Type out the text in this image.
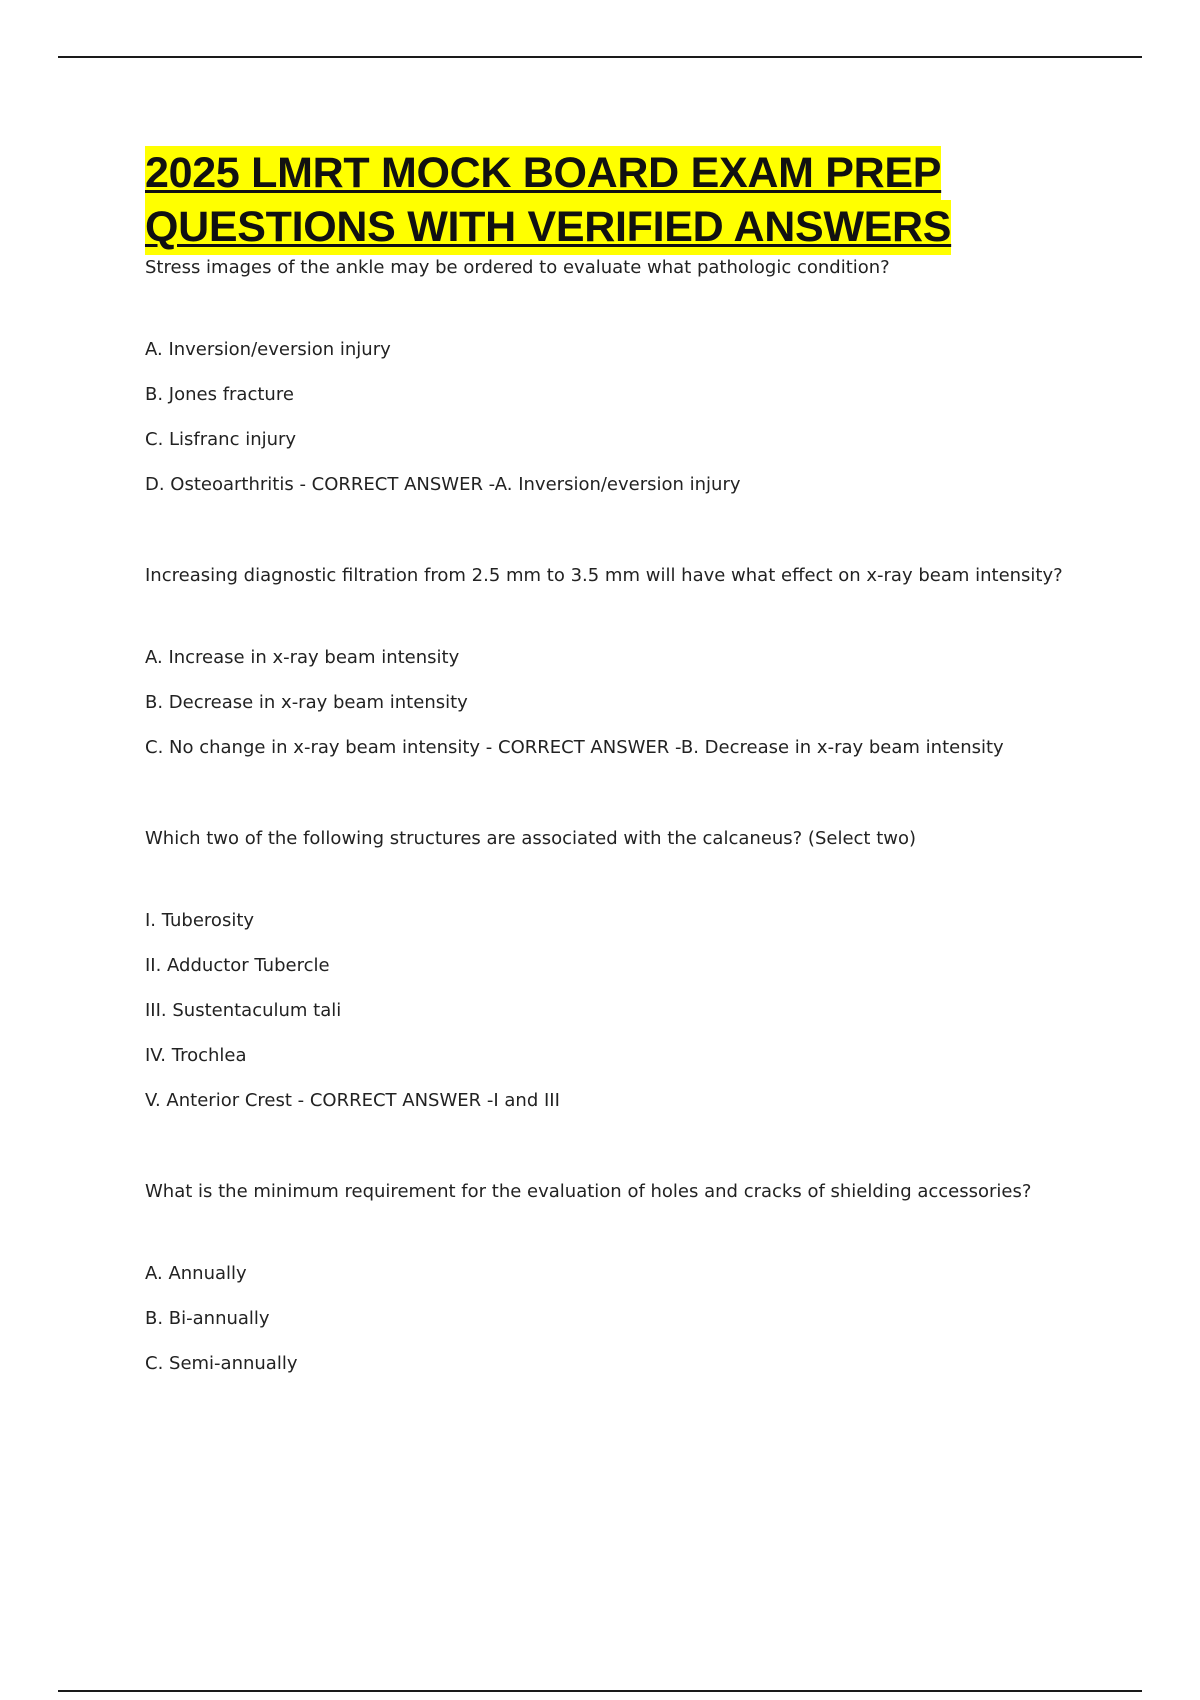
2025 LMRT MOCK BOARD EXAM PREP
QUESTIONS WITH VERIFIED ANSWERS

Stress images of the ankle may be ordered to evaluate what pathologic condition?

A. Inversion/eversion injury

B. Jones fracture

C. Lisfranc injury

D. Osteoarthritis - CORRECT ANSWER -A. Inversion/eversion injury

Increasing diagnostic filtration from 2.5 mm to 3.5 mm will have what effect on x-ray beam intensity?

A. Increase in x-ray beam intensity

B. Decrease in x-ray beam intensity

C. No change in x-ray beam intensity - CORRECT ANSWER -B. Decrease in x-ray beam intensity

Which two of the following structures are associated with the calcaneus? (Select two)

I. Tuberosity

II. Adductor Tubercle

III. Sustentaculum tali

IV. Trochlea

V. Anterior Crest - CORRECT ANSWER -I and III

What is the minimum requirement for the evaluation of holes and cracks of shielding accessories?

A. Annually

B. Bi-annually

C. Semi-annually
